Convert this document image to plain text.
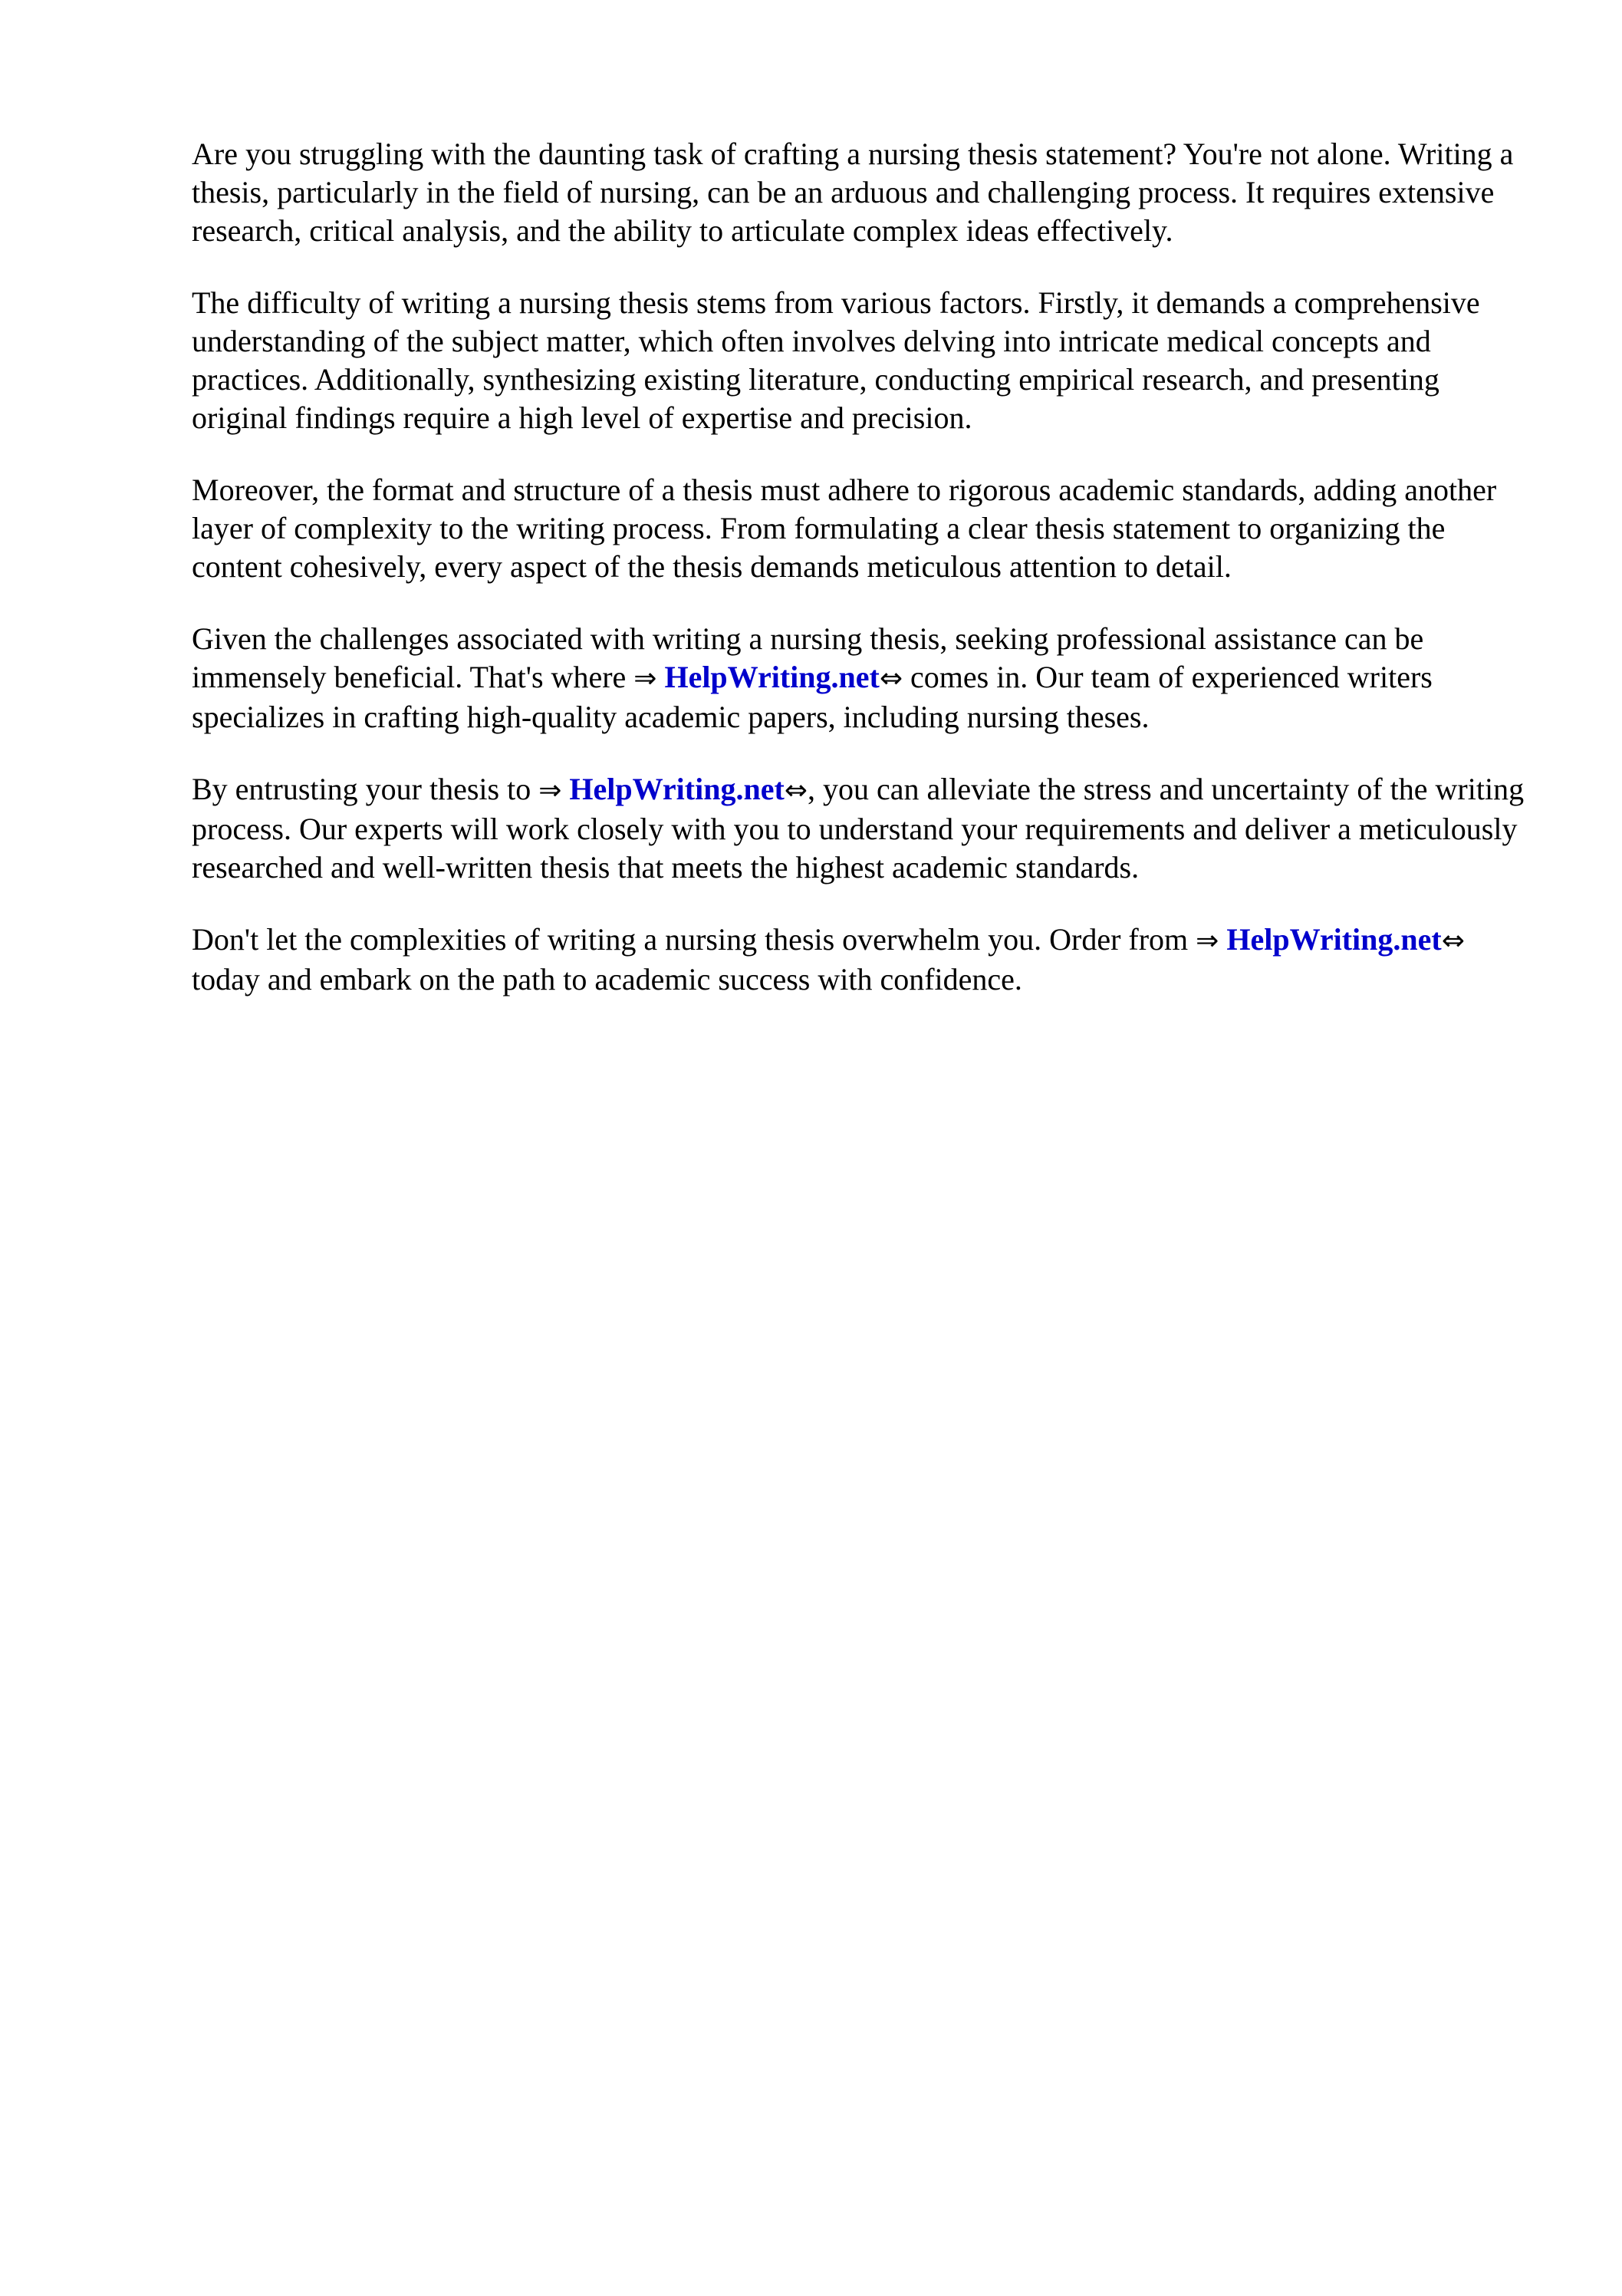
Are you struggling with the daunting task of crafting a nursing thesis statement? You're not alone. Writing a thesis, particularly in the field of nursing, can be an arduous and challenging process. It requires extensive research, critical analysis, and the ability to articulate complex ideas effectively.

The difficulty of writing a nursing thesis stems from various factors. Firstly, it demands a comprehensive understanding of the subject matter, which often involves delving into intricate medical concepts and practices. Additionally, synthesizing existing literature, conducting empirical research, and presenting original findings require a high level of expertise and precision.

Moreover, the format and structure of a thesis must adhere to rigorous academic standards, adding another layer of complexity to the writing process. From formulating a clear thesis statement to organizing the content cohesively, every aspect of the thesis demands meticulous attention to detail.

Given the challenges associated with writing a nursing thesis, seeking professional assistance can be immensely beneficial. That's where ⇒ HelpWriting.net⇔ comes in. Our team of experienced writers specializes in crafting high-quality academic papers, including nursing theses.

By entrusting your thesis to ⇒ HelpWriting.net⇔, you can alleviate the stress and uncertainty of the writing process. Our experts will work closely with you to understand your requirements and deliver a meticulously researched and well-written thesis that meets the highest academic standards.

Don't let the complexities of writing a nursing thesis overwhelm you. Order from ⇒ HelpWriting.net⇔ today and embark on the path to academic success with confidence.
